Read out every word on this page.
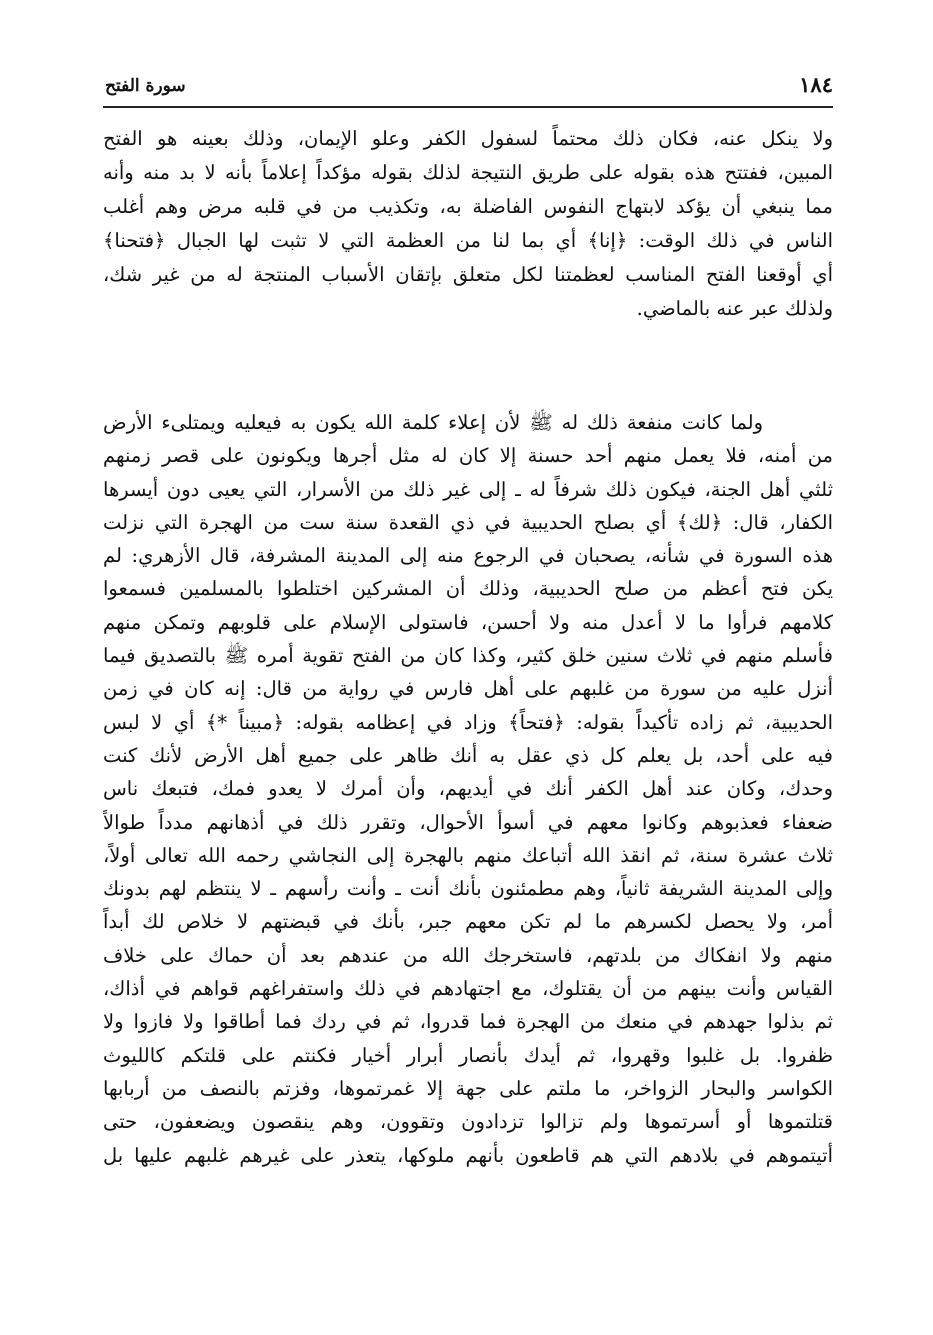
١٨٤
سورة الفتح
ولا ينكل عنه، فكان ذلك محتماً لسفول الكفر وعلو الإيمان، وذلك بعينه هو الفتح
المبين، ففتتح هذه بقوله على طريق النتيجة لذلك بقوله مؤكداً إعلاماً بأنه لا بد منه وأنه
مما ينبغي أن يؤكد لابتهاج النفوس الفاضلة به، وتكذيب من في قلبه مرض وهم أغلب
الناس في ذلك الوقت: ﴿إنا﴾ أي بما لنا من العظمة التي لا تثبت لها الجبال ﴿فتحنا﴾
أي أوقعنا الفتح المناسب لعظمتنا لكل متعلق بإتقان الأسباب المنتجة له من غير شك،
ولذلك عبر عنه بالماضي.
ولما كانت منفعة ذلك له ﷺ لأن إعلاء كلمة الله يكون به فيعليه ويمتلىء الأرض
من أمنه، فلا يعمل منهم أحد حسنة إلا كان له مثل أجرها ويكونون على قصر زمنهم
ثلثي أهل الجنة، فيكون ذلك شرفاً له ـ إلى غير ذلك من الأسرار، التي يعيى دون أيسرها
الكفار، قال: ﴿لك﴾ أي بصلح الحديبية في ذي القعدة سنة ست من الهجرة التي نزلت
هذه السورة في شأنه، يصحبان في الرجوع منه إلى المدينة المشرفة، قال الأزهري: لم
يكن فتح أعظم من صلح الحديبية، وذلك أن المشركين اختلطوا بالمسلمين فسمعوا
كلامهم فرأوا ما لا أعدل منه ولا أحسن، فاستولى الإسلام على قلوبهم وتمكن منهم
فأسلم منهم في ثلاث سنين خلق كثير، وكذا كان من الفتح تقوية أمره ﷺ بالتصديق فيما
أنزل عليه من سورة من غلبهم على أهل فارس في رواية من قال: إنه كان في زمن
الحديبية، ثم زاده تأكيداً بقوله: ﴿فتحاً﴾ وزاد في إعظامه بقوله: ﴿مبيناً *﴾ أي لا لبس
فيه على أحد، بل يعلم كل ذي عقل به أنك ظاهر على جميع أهل الأرض لأنك كنت
وحدك، وكان عند أهل الكفر أنك في أيديهم، وأن أمرك لا يعدو فمك، فتبعك ناس
ضعفاء فعذبوهم وكانوا معهم في أسوأ الأحوال، وتقرر ذلك في أذهانهم مدداً طوالاً
ثلاث عشرة سنة، ثم انقذ الله أتباعك منهم بالهجرة إلى النجاشي رحمه الله تعالى أولاً،
وإلى المدينة الشريفة ثانياً، وهم مطمئنون بأنك أنت ـ وأنت رأسهم ـ لا ينتظم لهم بدونك
أمر، ولا يحصل لكسرهم ما لم تكن معهم جبر، بأنك في قبضتهم لا خلاص لك أبداً
منهم ولا انفكاك من بلدتهم، فاستخرجك الله من عندهم بعد أن حماك على خلاف
القياس وأنت بينهم من أن يقتلوك، مع اجتهادهم في ذلك واستفراغهم قواهم في أذاك،
ثم بذلوا جهدهم في منعك من الهجرة فما قدروا، ثم في ردك فما أطاقوا ولا فازوا ولا
ظفروا. بل غلبوا وقهروا، ثم أيدك بأنصار أبرار أخيار فكنتم على قلتكم كالليوث
الكواسر والبحار الزواخر، ما ملتم على جهة إلا غمرتموها، وفزتم بالنصف من أربابها
قتلتموها أو أسرتموها ولم تزالوا تزدادون وتقوون، وهم ينقصون ويضعفون، حتى
أتيتموهم في بلادهم التي هم قاطعون بأنهم ملوكها، يتعذر على غيرهم غلبهم عليها بل
